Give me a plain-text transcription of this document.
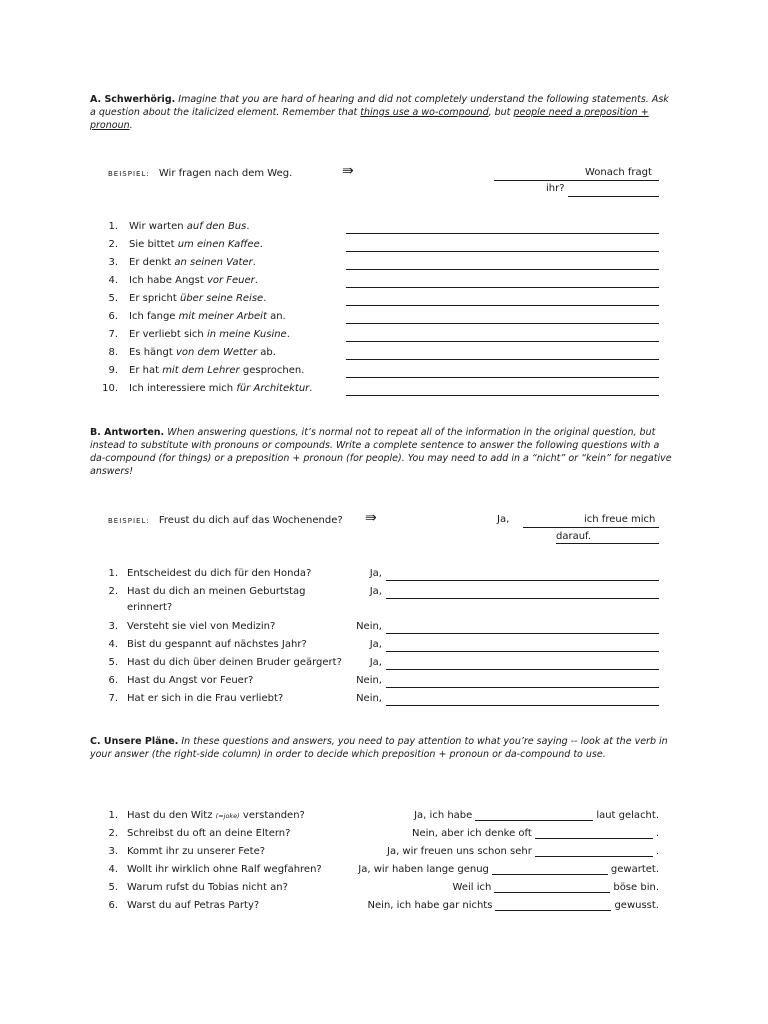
A. Schwerhörig. Imagine that you are hard of hearing and did not completely understand the following statements. Ask a question about the italicized element. Remember that things use a wo-compound, but people need a preposition + pronoun.
BEISPIEL: Wir fragen nach dem Weg.	⇛	Wonach fragt
ihr?
1. Wir warten auf den Bus.
2. Sie bittet um einen Kaffee.
3. Er denkt an seinen Vater.
4. Ich habe Angst vor Feuer.
5. Er spricht über seine Reise.
6. Ich fange mit meiner Arbeit an.
7. Er verliebt sich in meine Kusine.
8. Es hängt von dem Wetter ab.
9. Er hat mit dem Lehrer gesprochen.
10. Ich interessiere mich für Architektur.
B. Antworten. When answering questions, it’s normal not to repeat all of the information in the original question, but instead to substitute with pronouns or compounds. Write a complete sentence to answer the following questions with a da-compound (for things) or a preposition + pronoun (for people). You may need to add in a “nicht” or “kein” for negative answers!
BEISPIEL: Freust du dich auf das Wochenende? ⇛	Ja,	ich freue mich
darauf.
1. Entscheidest du dich für den Honda?	Ja,
2. Hast du dich an meinen Geburtstag
erinnert?
Ja,
3. Versteht sie viel von Medizin?	Nein,
4. Bist du gespannt auf nächstes Jahr?	Ja,
5. Hast du dich über deinen Bruder geärgert?	Ja,
6. Hast du Angst vor Feuer?	Nein,
7. Hat er sich in die Frau verliebt?	Nein,
C. Unsere Pläne. In these questions and answers, you need to pay attention to what you’re saying -- look at the verb in your answer (the right-side column) in order to decide which preposition + pronoun or da-compound to use.
1. Hast du den Witz (=joke) verstanden?	Ja, ich habe	laut gelacht.
2. Schreibst du oft an deine Eltern?	Nein, aber ich denke oft	.
3. Kommt ihr zu unserer Fete?	Ja, wir freuen uns schon sehr	.
4. Wollt ihr wirklich ohne Ralf wegfahren?	Ja, wir haben lange genug	gewartet.
5. Warum rufst du Tobias nicht an?	Weil ich	böse bin.
6. Warst du auf Petras Party?	Nein, ich habe gar nichts	gewusst.
